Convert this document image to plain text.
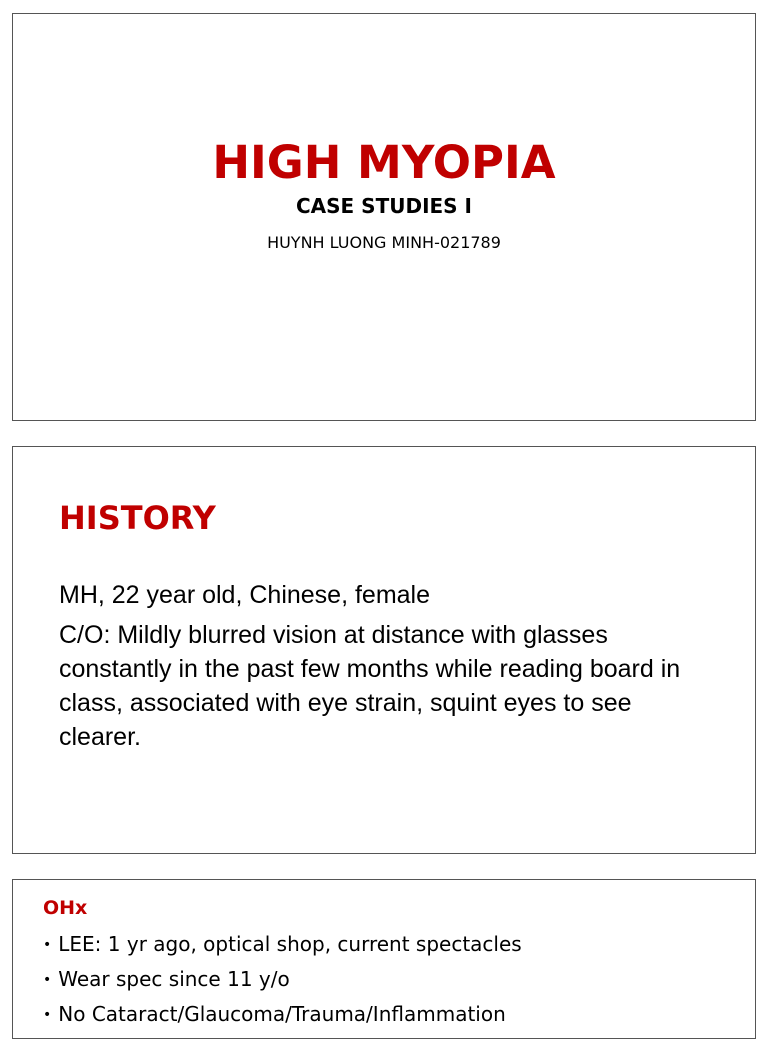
HIGH MYOPIA
CASE STUDIES I
HUYNH LUONG MINH-021789
HISTORY

MH, 22 year old, Chinese, female

C/O: Mildly blurred vision at distance with glasses constantly in the past few months while reading board in class, associated with eye strain, squint eyes to see clearer.

OHx
• LEE: 1 yr ago, optical shop, current spectacles
• Wear spec since 11 y/o
• No Cataract/Glaucoma/Trauma/Inflammation
